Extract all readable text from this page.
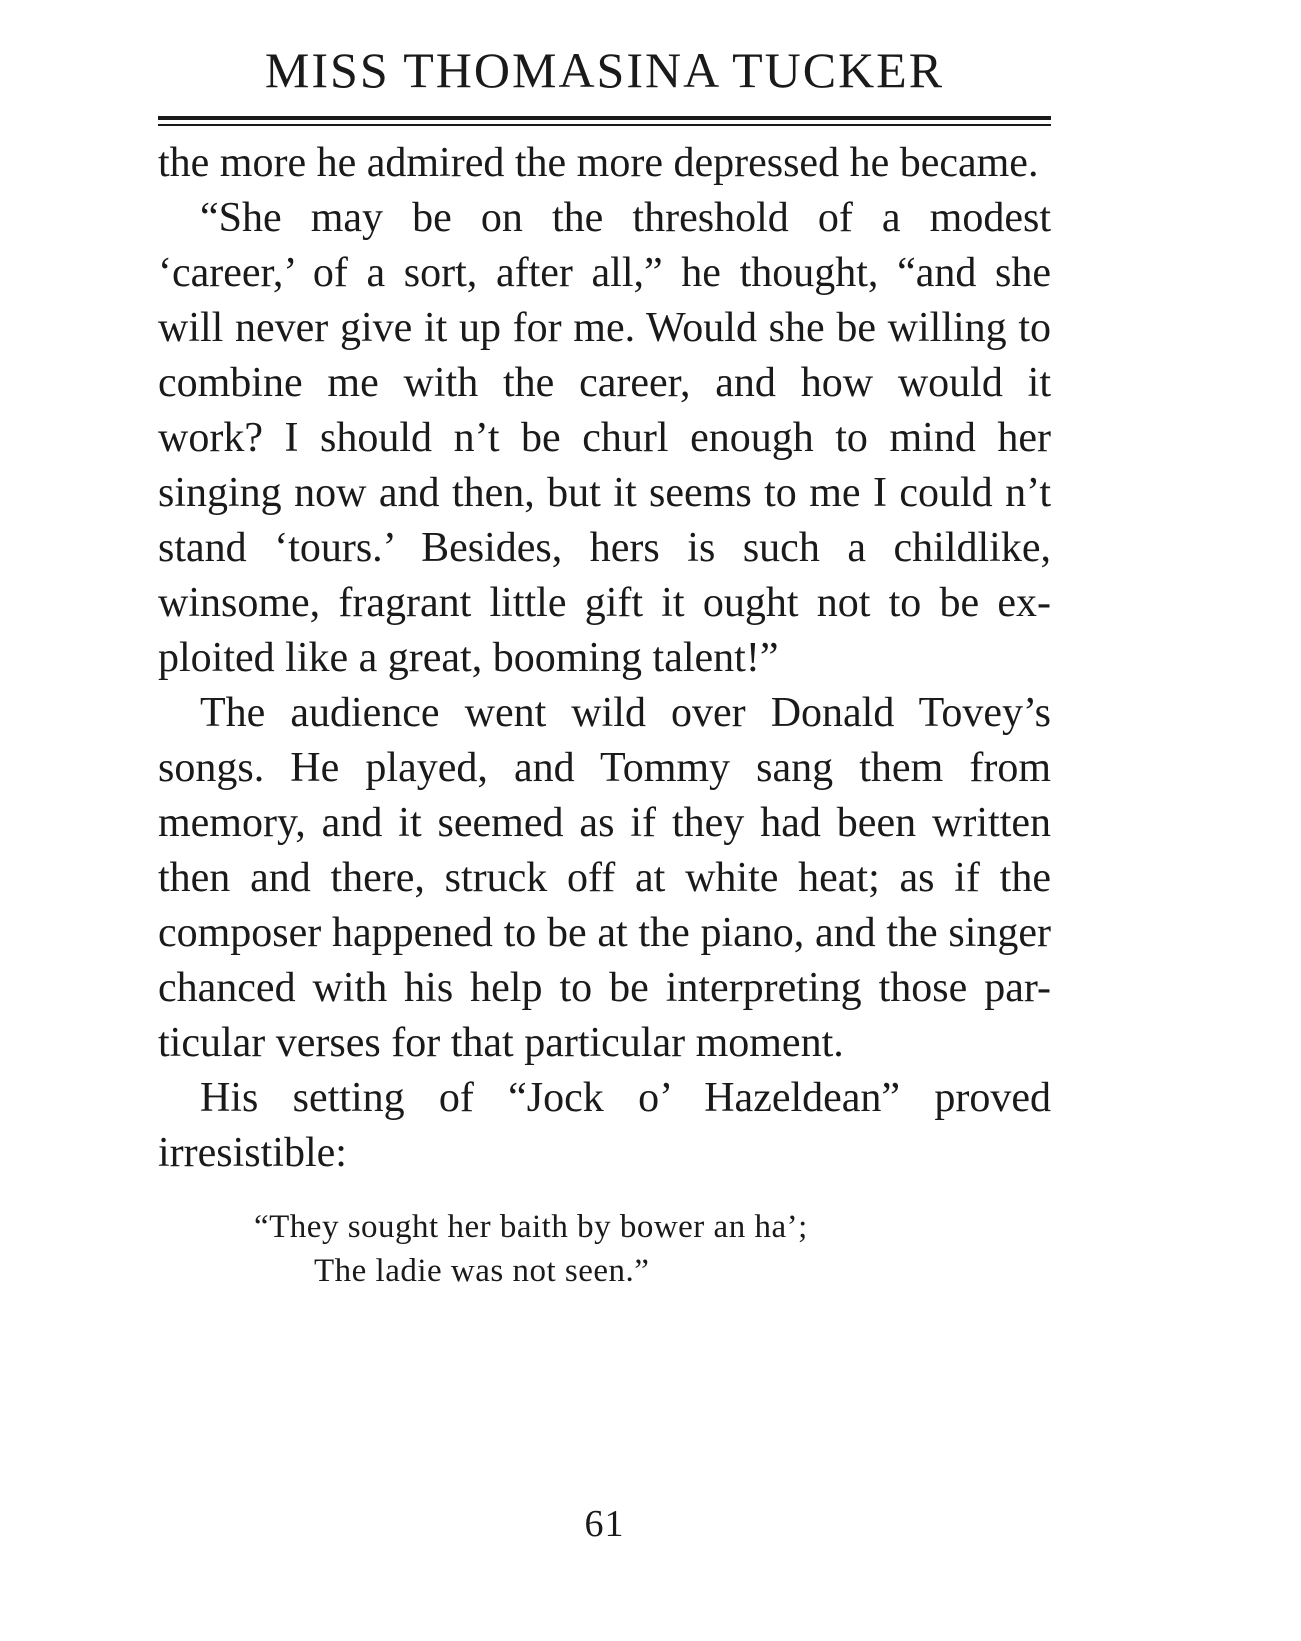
MISS THOMASINA TUCKER

the more he admired the more depressed he became.

“She may be on the threshold of a modest ‘career,’ of a sort, after all,” he thought, “and she will never give it up for me. Would she be willing to combine me with the career, and how would it work? I should n’t be churl enough to mind her singing now and then, but it seems to me I could n’t stand ‘tours.’ Besides, hers is such a childlike, winsome, fragrant little gift it ought not to be ex-ploited like a great, booming talent!”

The audience went wild over Donald Tovey’s songs. He played, and Tommy sang them from memory, and it seemed as if they had been written then and there, struck off at white heat; as if the composer happened to be at the piano, and the singer chanced with his help to be interpreting those par-ticular verses for that particular moment.

His setting of “Jock o’ Hazeldean” proved irresistible:

“They sought her baith by bower an ha’;
The ladie was not seen.”
61
